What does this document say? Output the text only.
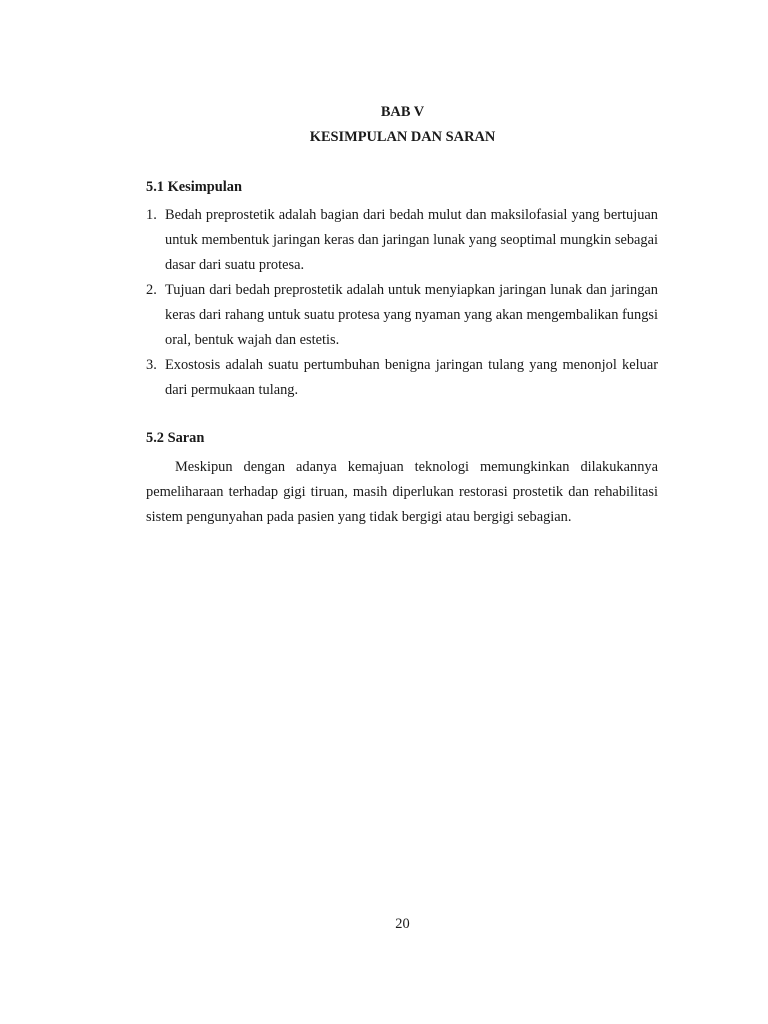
BAB V
KESIMPULAN DAN SARAN
5.1 Kesimpulan
1. Bedah preprostetik adalah bagian dari bedah mulut dan maksilofasial yang bertujuan untuk membentuk jaringan keras dan jaringan lunak yang seoptimal mungkin sebagai dasar dari suatu protesa.
2. Tujuan dari bedah preprostetik adalah untuk menyiapkan jaringan lunak dan jaringan keras dari rahang untuk suatu protesa yang nyaman yang akan mengembalikan fungsi oral, bentuk wajah dan estetis.
3. Exostosis adalah suatu pertumbuhan benigna jaringan tulang yang menonjol keluar dari permukaan tulang.
5.2 Saran
Meskipun dengan adanya kemajuan teknologi memungkinkan dilakukannya pemeliharaan terhadap gigi tiruan, masih diperlukan restorasi prostetik dan rehabilitasi sistem pengunyahan pada pasien yang tidak bergigi atau bergigi sebagian.
20
